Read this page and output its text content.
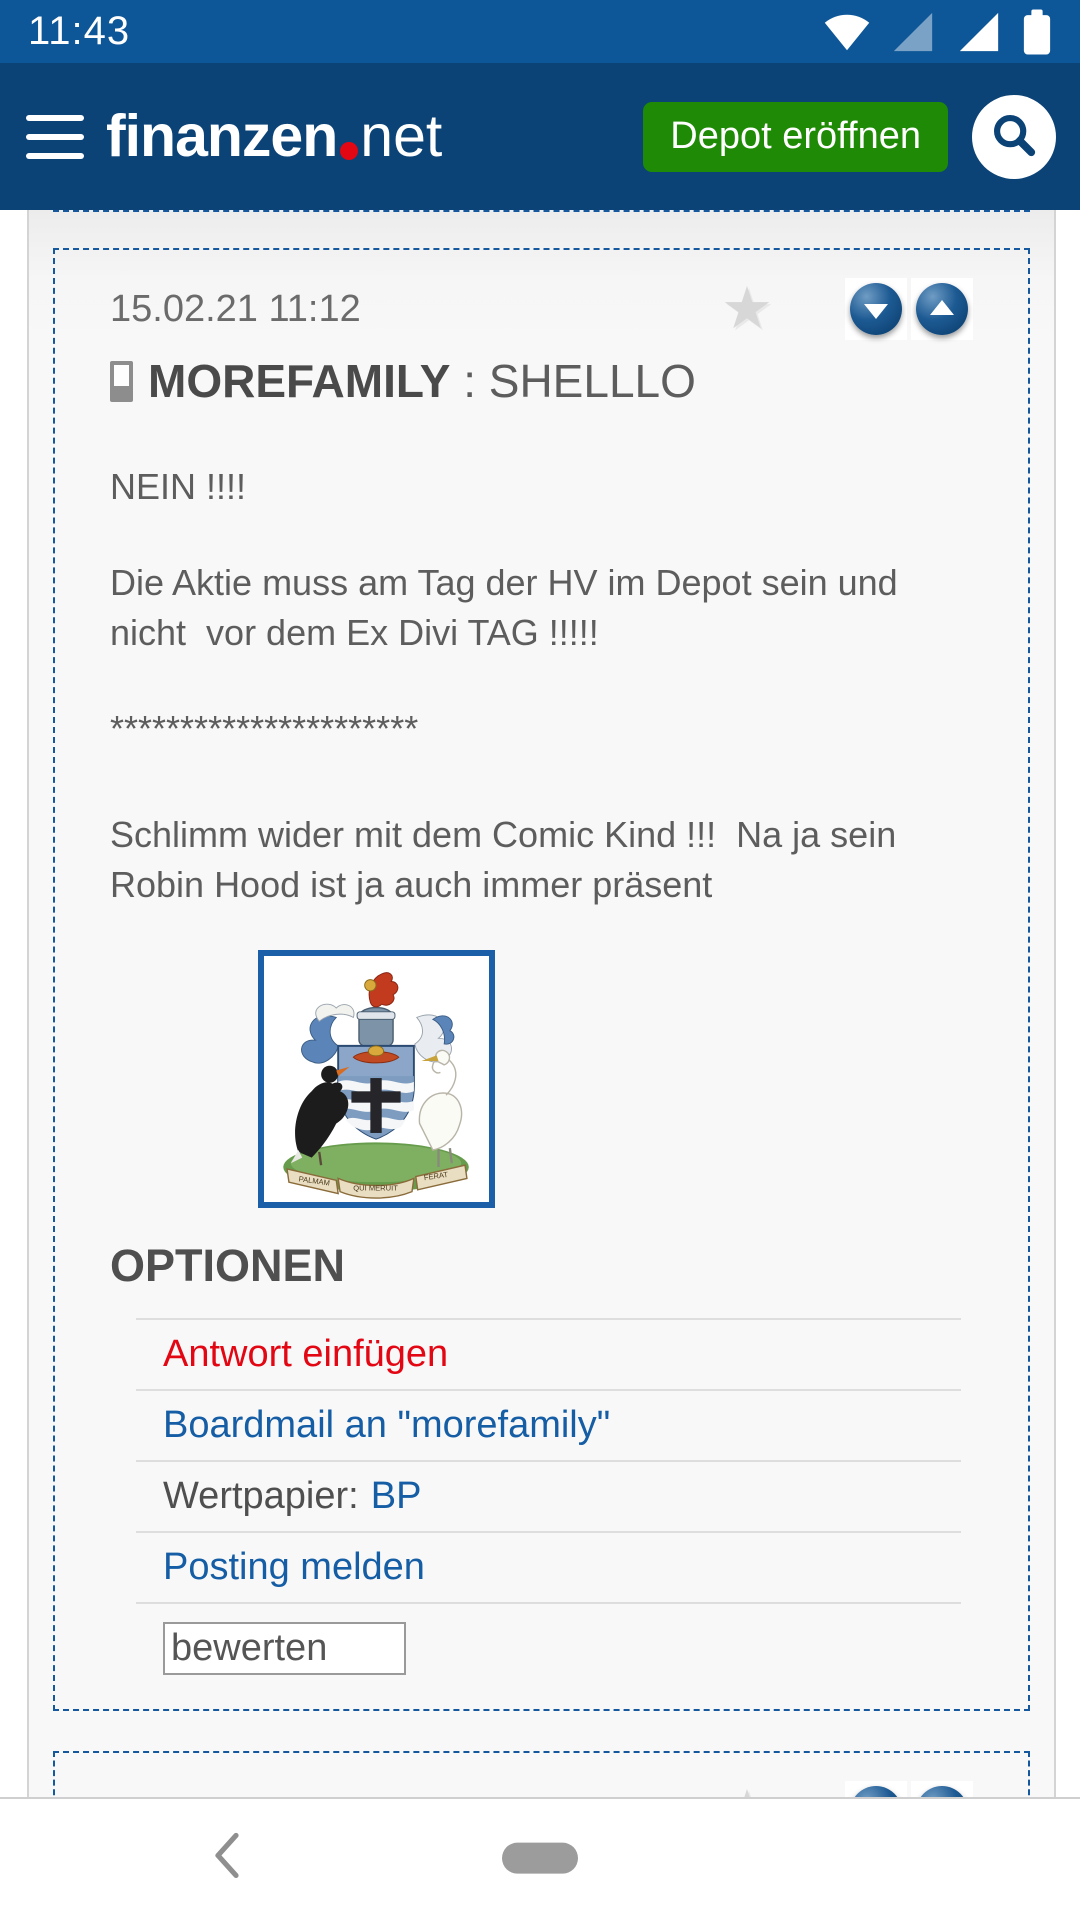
11:43
finanzen net	Depot eröffnen
15.02.21 11:12	★
MOREFAMILY : SHELLLO

NEIN !!!!

Die Aktie muss am Tag der HV im Depot sein und nicht  vor dem Ex Divi TAG !!!!!

**********************

Schlimm wider mit dem Comic Kind !!!  Na ja sein Robin Hood ist ja auch immer präsent

PALMAM
QUI MERUIT
FERAT
OPTIONEN
Antwort einfügen
Boardmail an "morefamily"
Wertpapier: BP
Posting melden
bewerten
